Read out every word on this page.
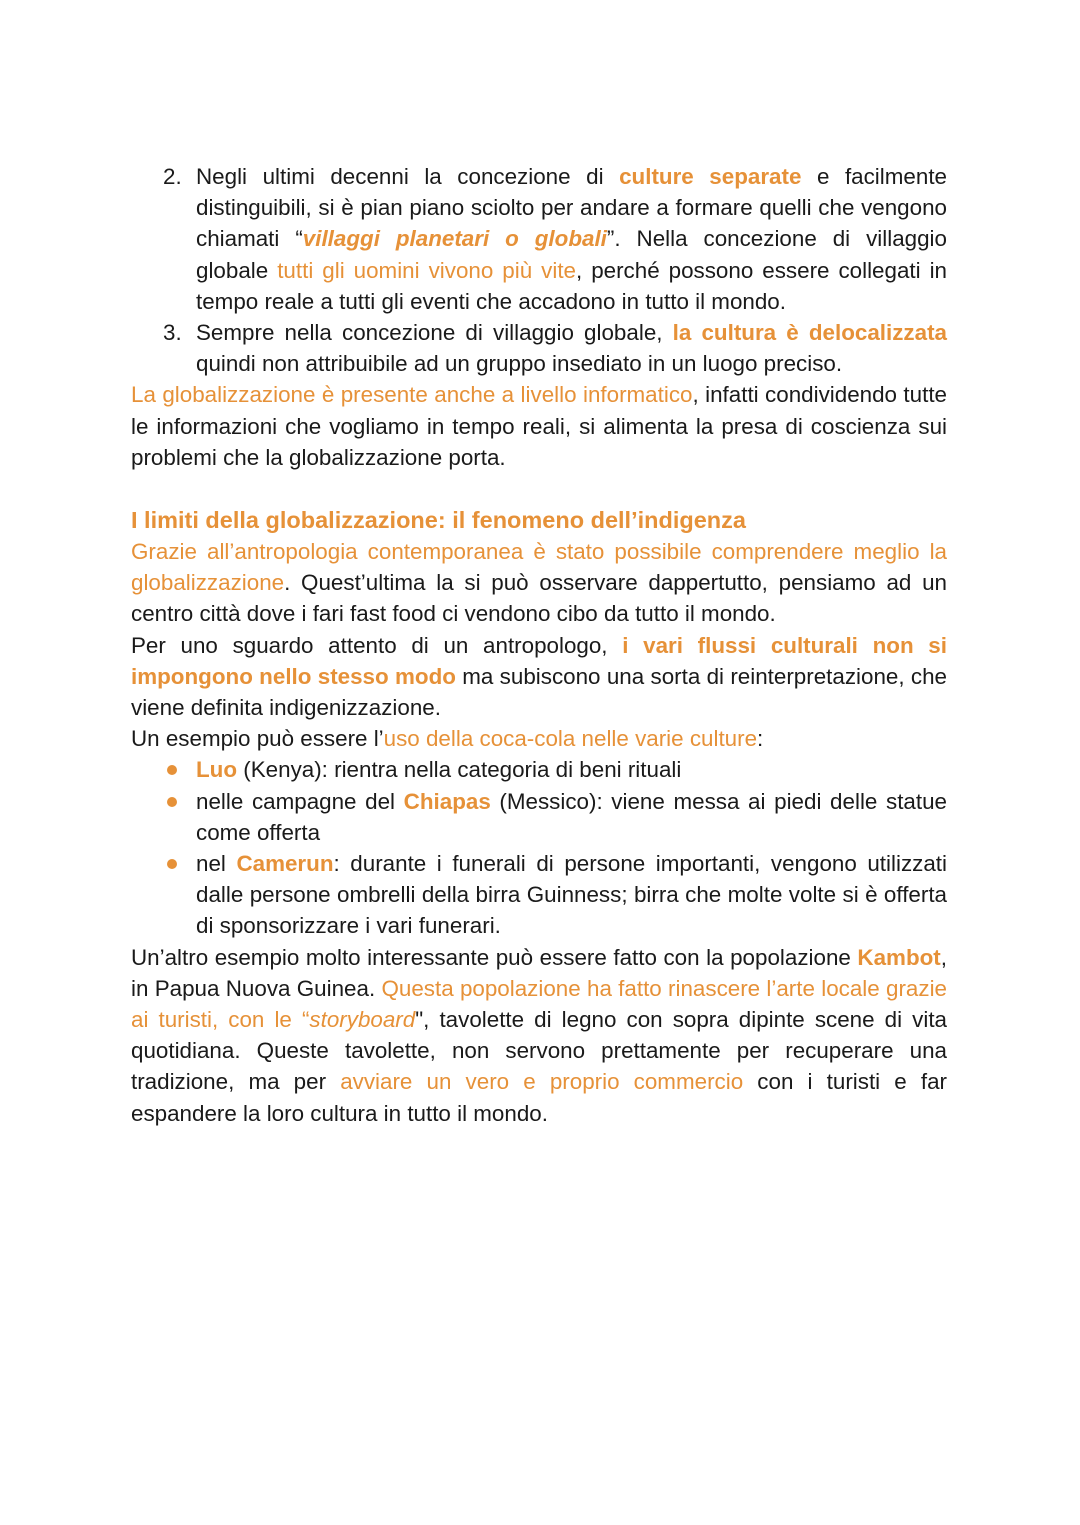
2. Negli ultimi decenni la concezione di culture separate e facilmente distinguibili, si è pian piano sciolto per andare a formare quelli che vengono chiamati “villaggi planetari o globali”. Nella concezione di villaggio globale tutti gli uomini vivono più vite, perché possono essere collegati in tempo reale a tutti gli eventi che accadono in tutto il mondo.
3. Sempre nella concezione di villaggio globale, la cultura è delocalizzata quindi non attribuibile ad un gruppo insediato in un luogo preciso.

La globalizzazione è presente anche a livello informatico, infatti condividendo tutte le informazioni che vogliamo in tempo reali, si alimenta la presa di coscienza sui problemi che la globalizzazione porta.

I limiti della globalizzazione: il fenomeno dell’indigenza

Grazie all’antropologia contemporanea è stato possibile comprendere meglio la globalizzazione. Quest’ultima la si può osservare dappertutto, pensiamo ad un centro città dove i fari fast food ci vendono cibo da tutto il mondo.

Per uno sguardo attento di un antropologo, i vari flussi culturali non si impongono nello stesso modo ma subiscono una sorta di reinterpretazione, che viene definita indigenizzazione.

Un esempio può essere l’uso della coca-cola nelle varie culture:

Luo (Kenya): rientra nella categoria di beni rituali
nelle campagne del Chiapas (Messico): viene messa ai piedi delle statue come offerta
nel Camerun: durante i funerali di persone importanti, vengono utilizzati dalle persone ombrelli della birra Guinness; birra che molte volte si è offerta di sponsorizzare i vari funerari.

Un’altro esempio molto interessante può essere fatto con la popolazione Kambot, in Papua Nuova Guinea. Questa popolazione ha fatto rinascere l’arte locale grazie ai turisti, con le “storyboard", tavolette di legno con sopra dipinte scene di vita quotidiana. Queste tavolette, non servono prettamente per recuperare una tradizione, ma per avviare un vero e proprio commercio con i turisti e far espandere la loro cultura in tutto il mondo.
